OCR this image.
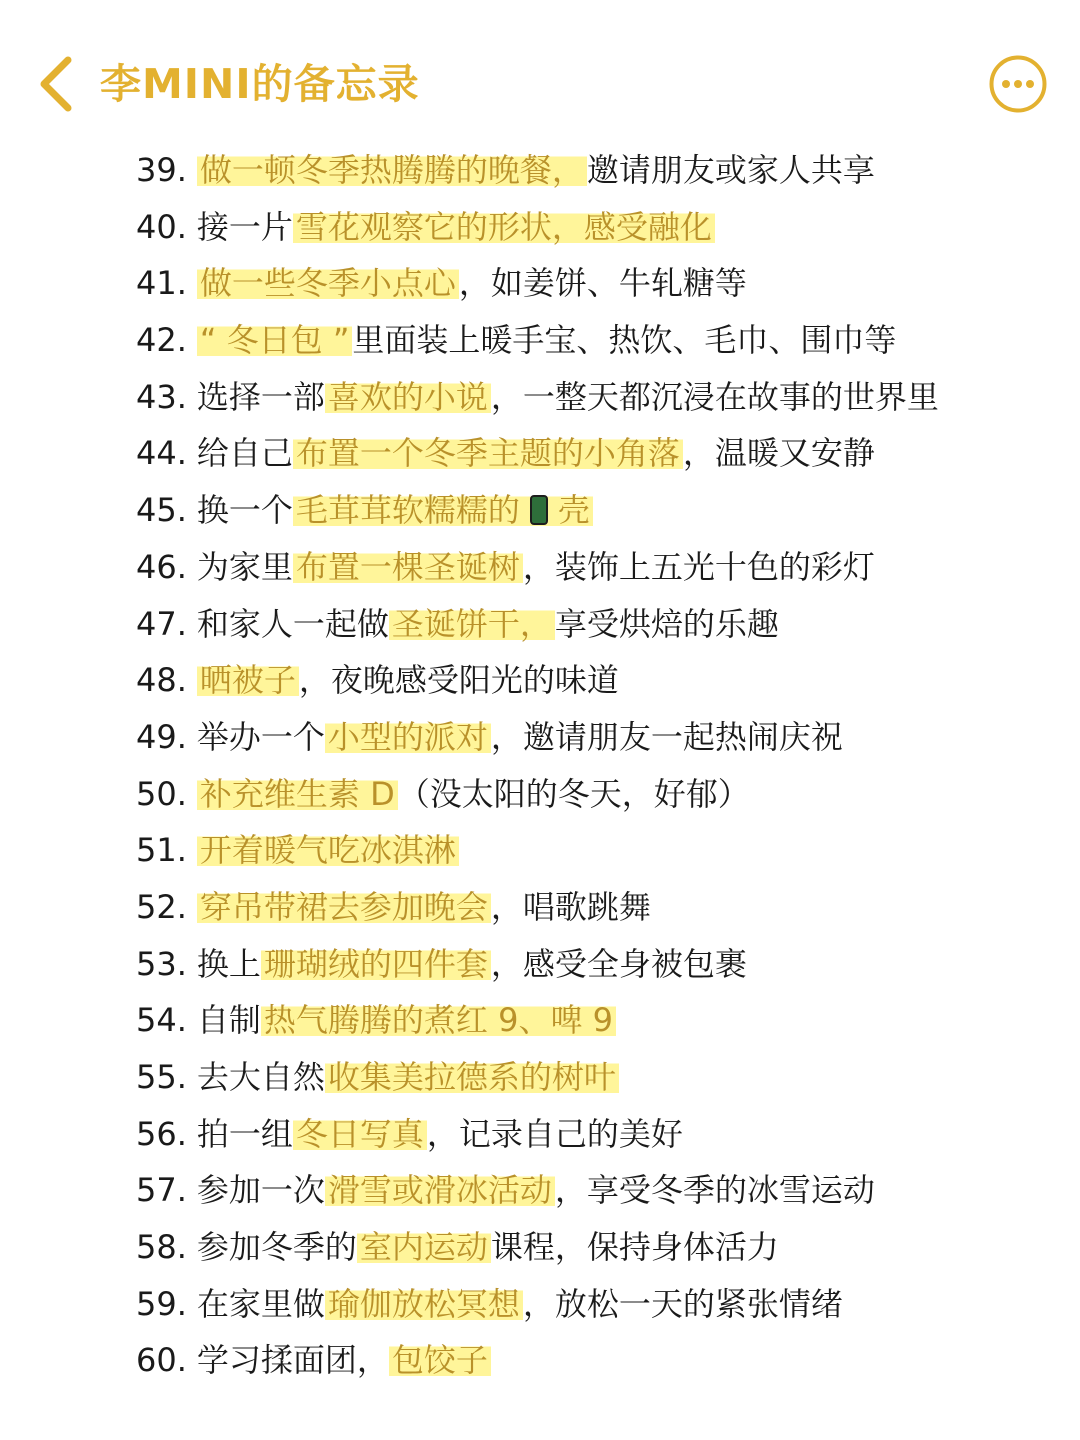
李MINI的备忘录
39. 做一顿冬季热腾腾的晚餐，邀请朋友或家人共享
40. 接一片雪花观察它的形状，感受融化
41. 做一些冬季小点心，如姜饼、牛轧糖等
42. “ 冬日包 ”里面装上暖手宝、热饮、毛巾、围巾等
43. 选择一部喜欢的小说，一整天都沉浸在故事的世界里
44. 给自己布置一个冬季主题的小角落，温暖又安静
45. 换一个毛茸茸软糯糯的 壳
46. 为家里布置一棵圣诞树，装饰上五光十色的彩灯
47. 和家人一起做圣诞饼干，享受烘焙的乐趣
48. 晒被子，夜晚感受阳光的味道
49. 举办一个小型的派对，邀请朋友一起热闹庆祝
50. 补充维生素 D（没太阳的冬天，好郁）
51. 开着暖气吃冰淇淋
52. 穿吊带裙去参加晚会，唱歌跳舞
53. 换上珊瑚绒的四件套，感受全身被包裹
54. 自制热气腾腾的煮红 9、啤 9
55. 去大自然收集美拉德系的树叶
56. 拍一组冬日写真，记录自己的美好
57. 参加一次滑雪或滑冰活动，享受冬季的冰雪运动
58. 参加冬季的室内运动课程，保持身体活力
59. 在家里做瑜伽放松冥想，放松一天的紧张情绪
60. 学习揉面团，包饺子
